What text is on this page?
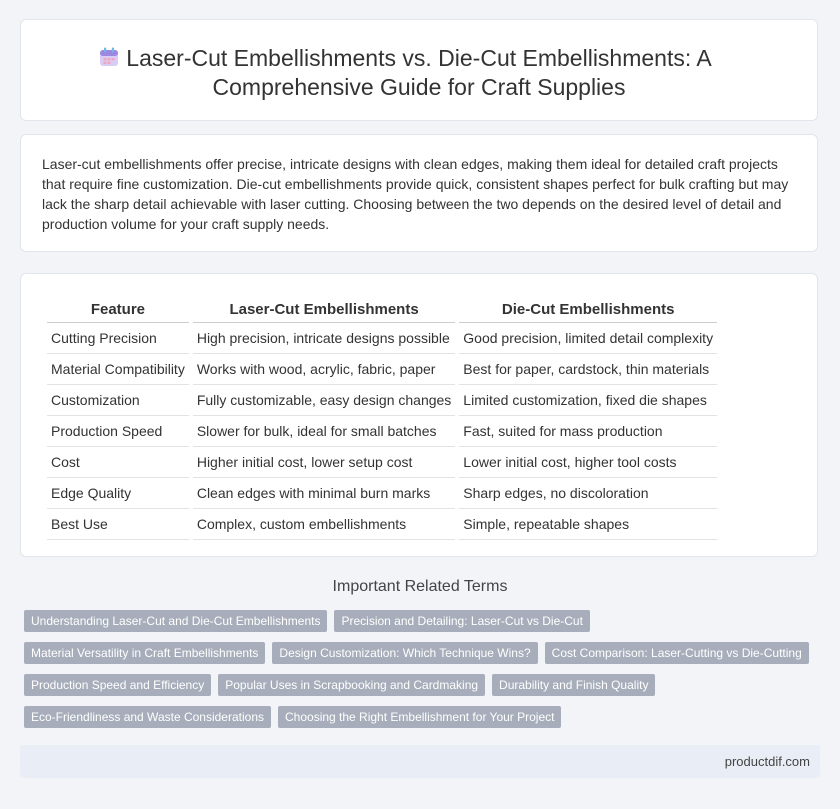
Laser-Cut Embellishments vs. Die-Cut Embellishments: A Comprehensive Guide for Craft Supplies

Laser-cut embellishments offer precise, intricate designs with clean edges, making them ideal for detailed craft projects that require fine customization. Die-cut embellishments provide quick, consistent shapes perfect for bulk crafting but may lack the sharp detail achievable with laser cutting. Choosing between the two depends on the desired level of detail and production volume for your craft supply needs.

Feature	Laser-Cut Embellishments	Die-Cut Embellishments
Cutting Precision	High precision, intricate designs possible	Good precision, limited detail complexity
Material Compatibility	Works with wood, acrylic, fabric, paper	Best for paper, cardstock, thin materials
Customization	Fully customizable, easy design changes	Limited customization, fixed die shapes
Production Speed	Slower for bulk, ideal for small batches	Fast, suited for mass production
Cost	Higher initial cost, lower setup cost	Lower initial cost, higher tool costs
Edge Quality	Clean edges with minimal burn marks	Sharp edges, no discoloration
Best Use	Complex, custom embellishments	Simple, repeatable shapes
Important Related Terms
Understanding Laser-Cut and Die-Cut Embellishments	Precision and Detailing: Laser-Cut vs Die-Cut
Material Versatility in Craft Embellishments	Design Customization: Which Technique Wins?	Cost Comparison: Laser-Cutting vs Die-Cutting
Production Speed and Efficiency	Popular Uses in Scrapbooking and Cardmaking	Durability and Finish Quality
Eco-Friendliness and Waste Considerations	Choosing the Right Embellishment for Your Project
productdif.com
